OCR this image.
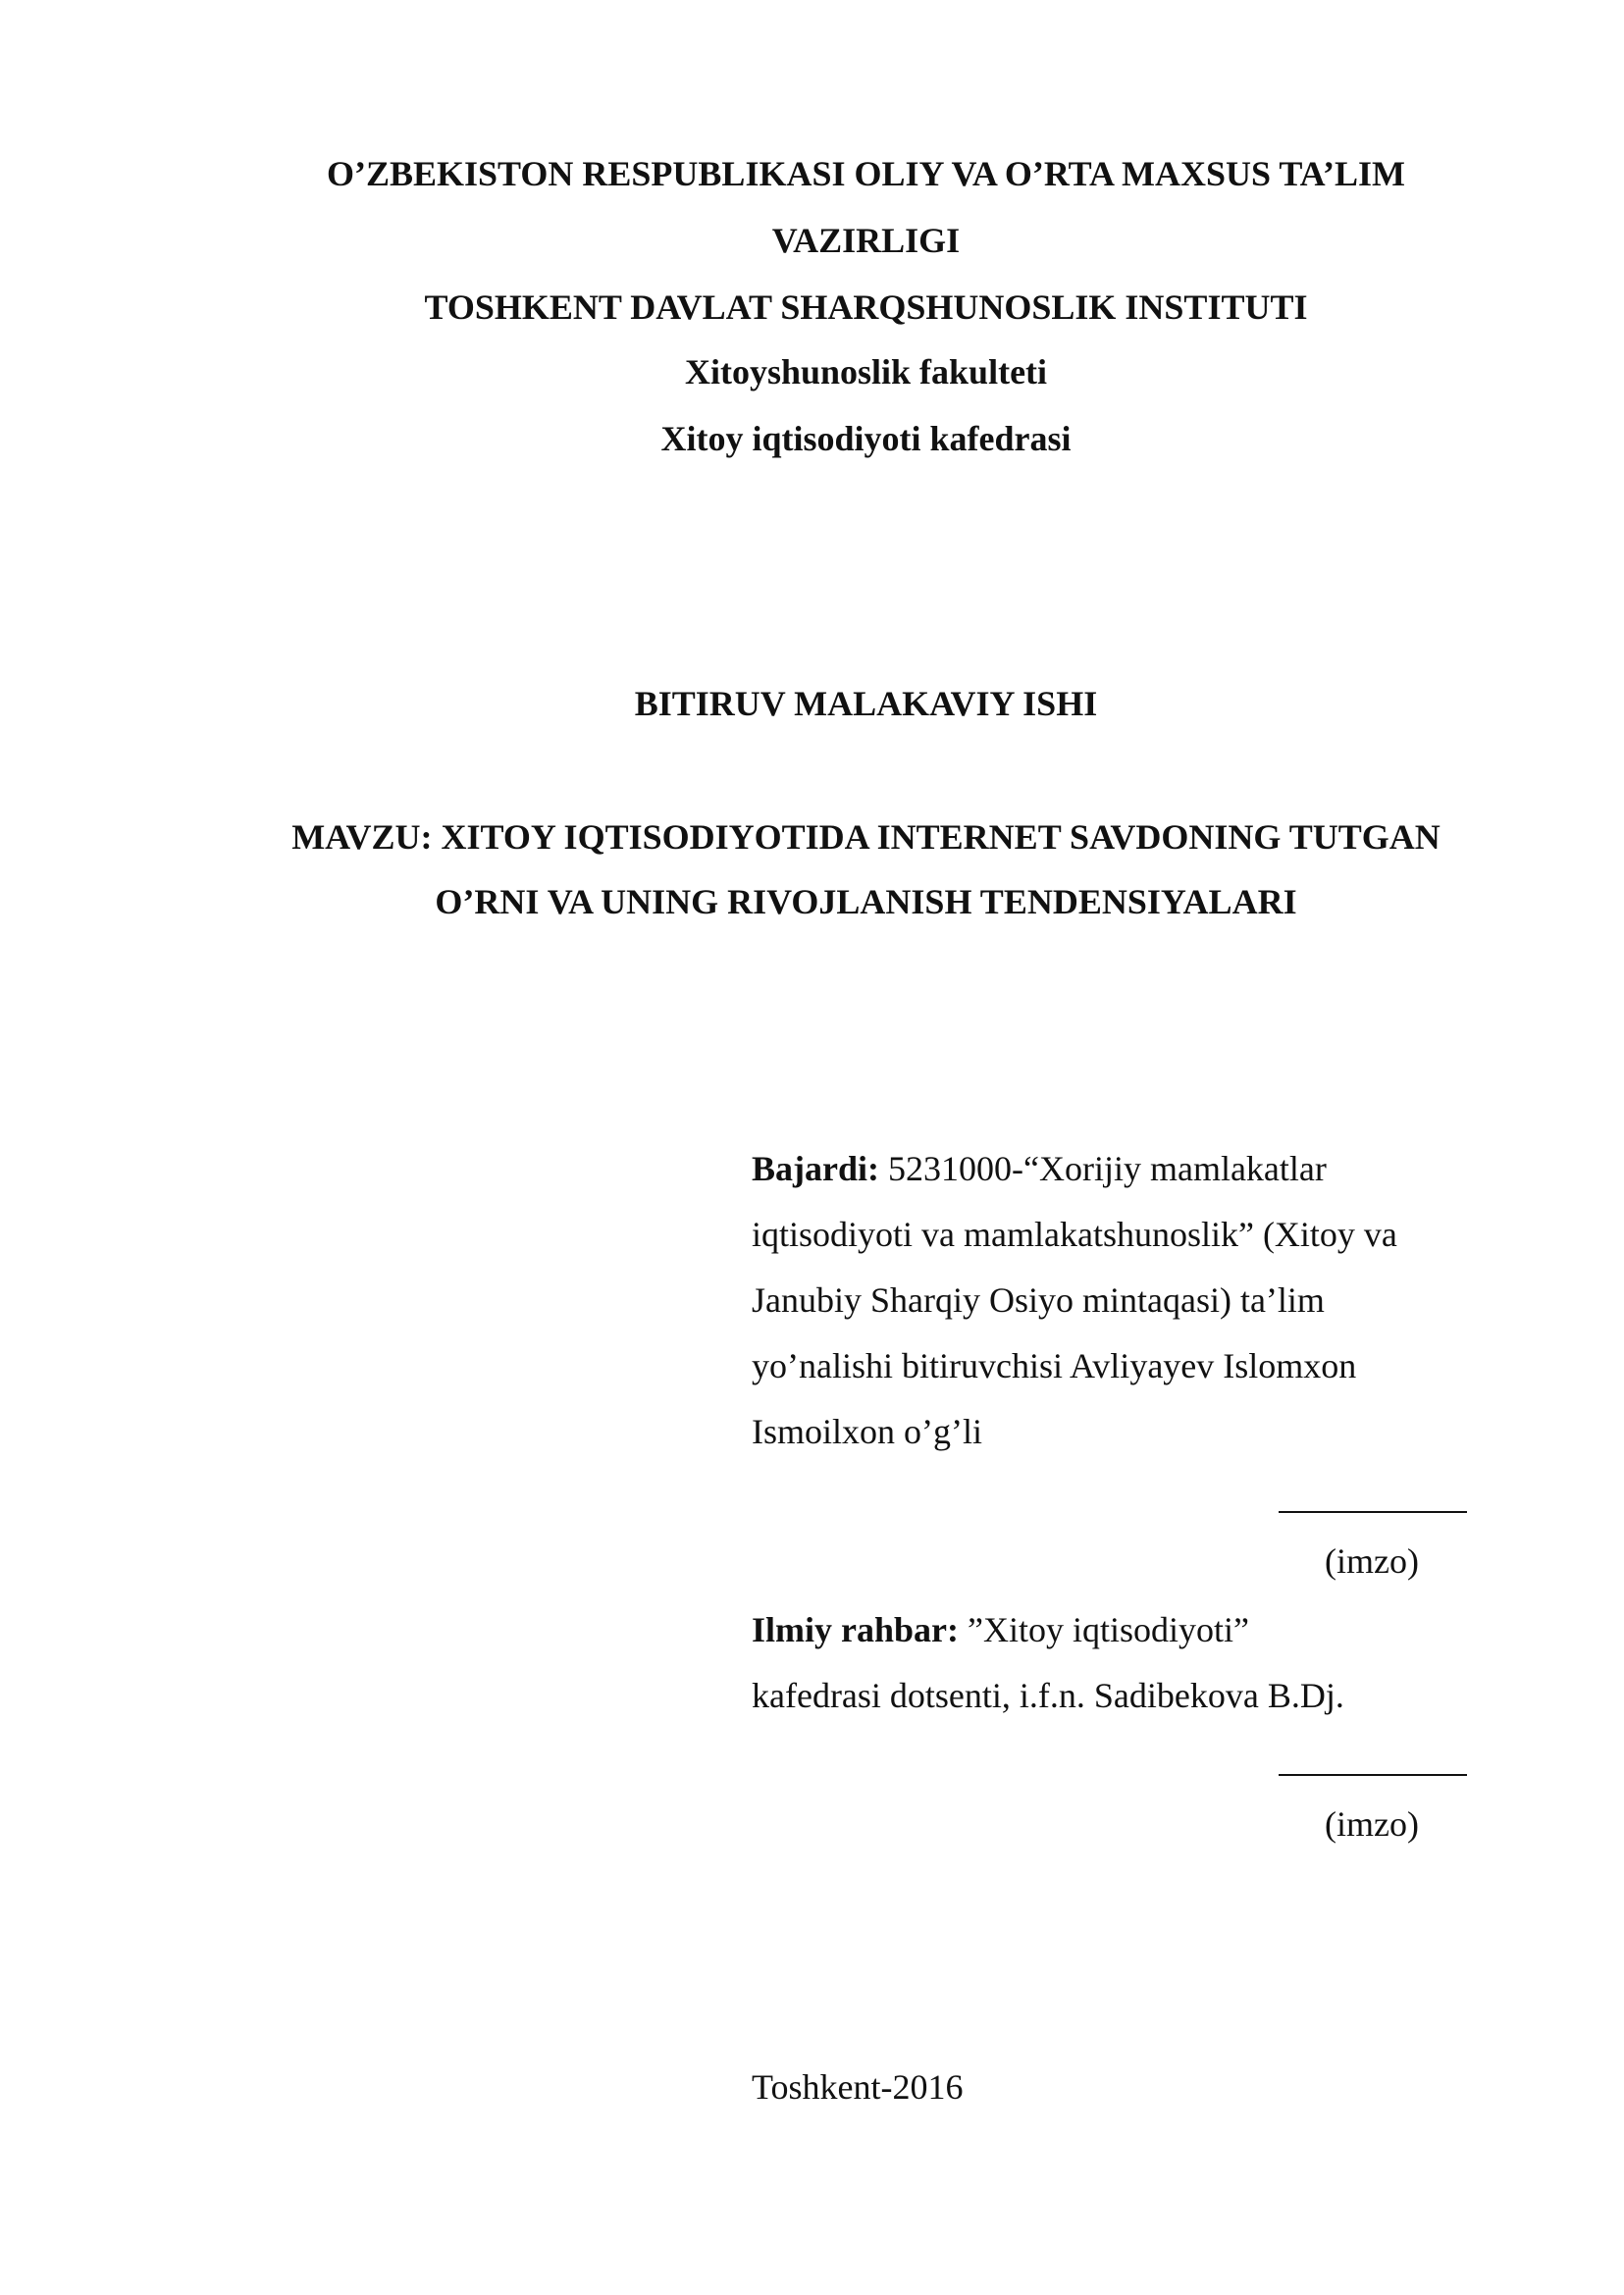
O’ZBEKISTON RESPUBLIKASI OLIY VA O’RTA MAXSUS TA’LIM
VAZIRLIGI
TOSHKENT DAVLAT SHARQSHUNOSLIK INSTITUTI
Xitoyshunoslik fakulteti
Xitoy iqtisodiyoti kafedrasi
BITIRUV MALAKAVIY ISHI
MAVZU: XITOY IQTISODIYOTIDA INTERNET SAVDONING TUTGAN
O’RNI VA UNING RIVOJLANISH TENDENSIYALARI
Bajardi: 5231000-“Xorijiy mamlakatlar
iqtisodiyoti va mamlakatshunoslik” (Xitoy va
Janubiy Sharqiy Osiyo mintaqasi) ta’lim
yo’nalishi bitiruvchisi Avliyayev Islomxon
Ismoilxon o’g’li
(imzo)
Ilmiy rahbar: ”Xitoy iqtisodiyoti”
kafedrasi dotsenti, i.f.n. Sadibekova B.Dj.
(imzo)
Toshkent-2016
